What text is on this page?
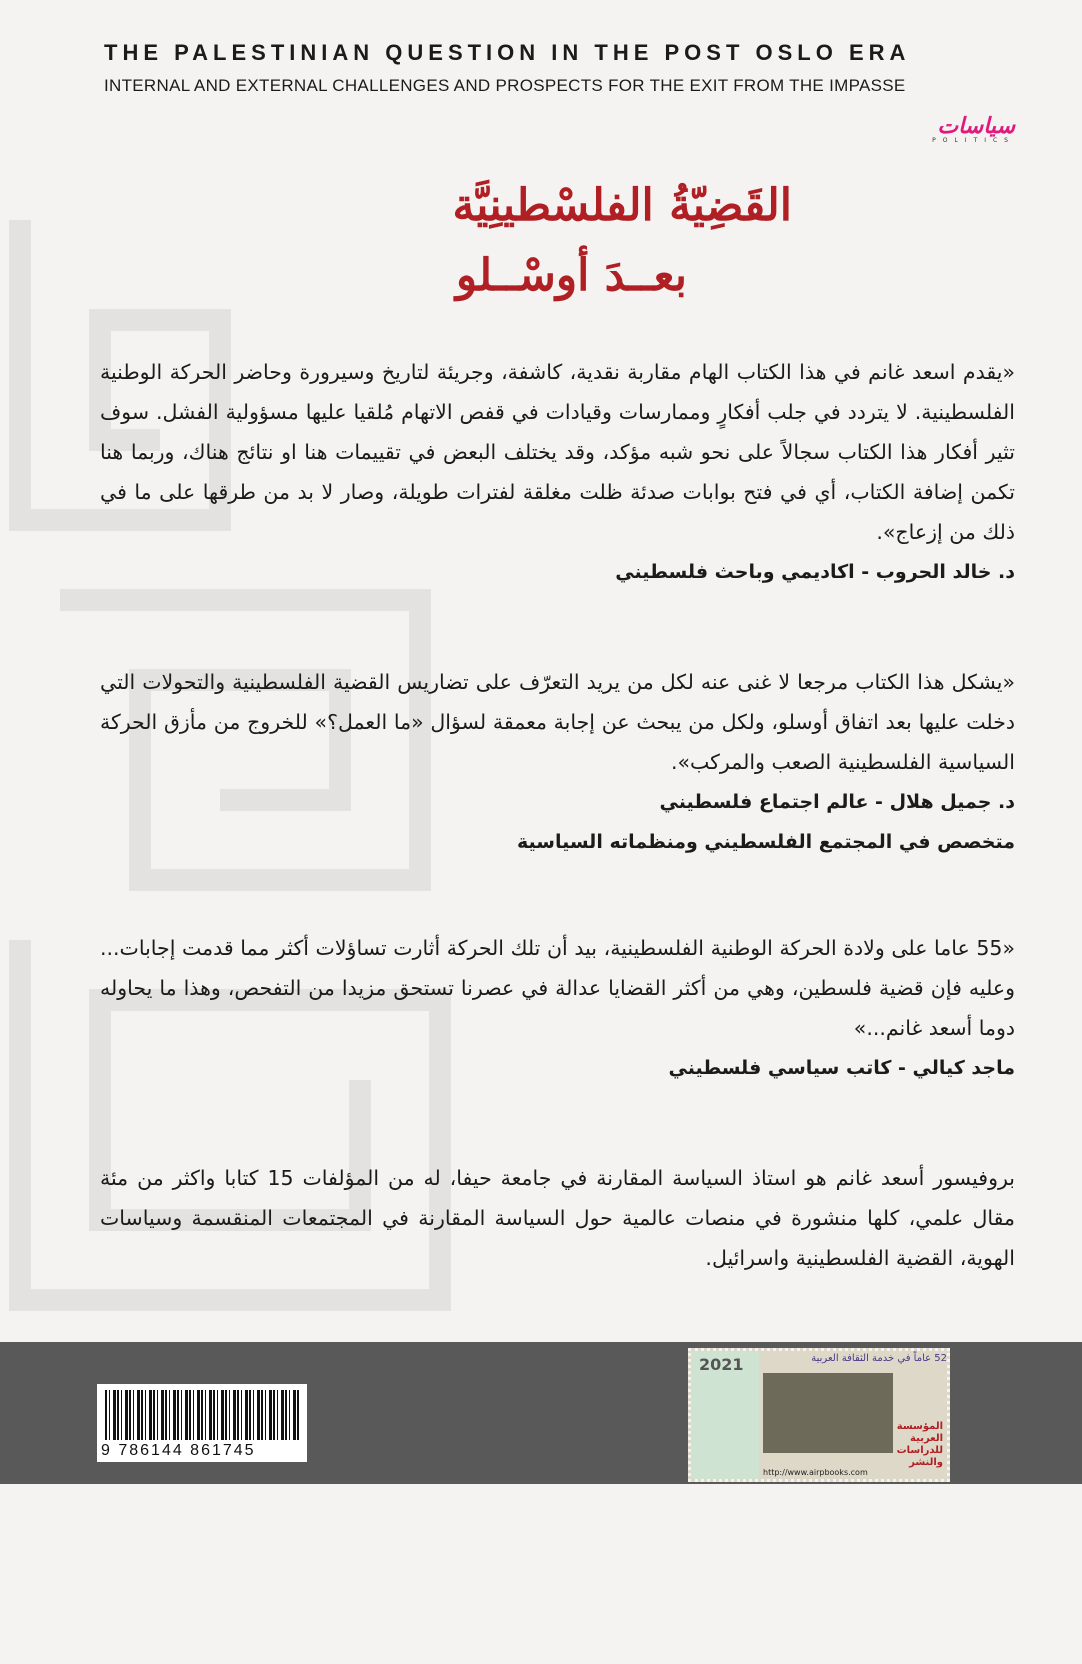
THE PALESTINIAN QUESTION IN THE POST OSLO ERA
INTERNAL AND EXTERNAL CHALLENGES AND PROSPECTS FOR THE EXIT FROM THE IMPASSE
سياسات
POLITICS
القَضِيّةُ الفلسْطينِيَّة
بعــدَ أوسْــلو

«يقدم اسعد غانم في هذا الكتاب الهام مقاربة نقدية، كاشفة، وجريئة لتاريخ وسيرورة وحاضر الحركة الوطنية الفلسطينية. لا يتردد في جلب أفكارٍ وممارسات وقيادات في قفص الاتهام مُلقيا عليها مسؤولية الفشل. سوف تثير أفكار هذا الكتاب سجالاً على نحو شبه مؤكد، وقد يختلف البعض في تقييمات هنا او نتائج هناك، وربما هنا تكمن إضافة الكتاب، أي في فتح بوابات صدئة ظلت مغلقة لفترات طويلة، وصار لا بد من طرقها على ما في ذلك من إزعاج».

د. خالد الحروب - اكاديمي وباحث فلسطيني

«يشكل هذا الكتاب مرجعا لا غنى عنه لكل من يريد التعرّف على تضاريس القضية الفلسطينية والتحولات التي دخلت عليها بعد اتفاق أوسلو، ولكل من يبحث عن إجابة معمقة لسؤال «ما العمل؟» للخروج من مأزق الحركة السياسية الفلسطينية الصعب والمركب».

د. جميل هلال - عالم اجتماع فلسطيني

متخصص في المجتمع الفلسطيني ومنظماته السياسية

«55 عاما على ولادة الحركة الوطنية الفلسطينية، بيد أن تلك الحركة أثارت تساؤلات أكثر مما قدمت إجابات... وعليه فإن قضية فلسطين، وهي من أكثر القضايا عدالة في عصرنا تستحق مزيدا من التفحص، وهذا ما يحاوله دوما أسعد غانم...»

ماجد كيالي - كاتب سياسي فلسطيني

بروفيسور أسعد غانم هو استاذ السياسة المقارنة في جامعة حيفا، له من المؤلفات 15 كتابا واكثر من مئة مقال علمي، كلها منشورة في منصات عالمية حول السياسة المقارنة في المجتمعات المنقسمة وسياسات الهوية، القضية الفلسطينية واسرائيل.

9 786144 861745
2021	52 عاماً في خدمة الثقافة العربية
المؤسسة العربية للدراسات والنشر
http://www.airpbooks.com
